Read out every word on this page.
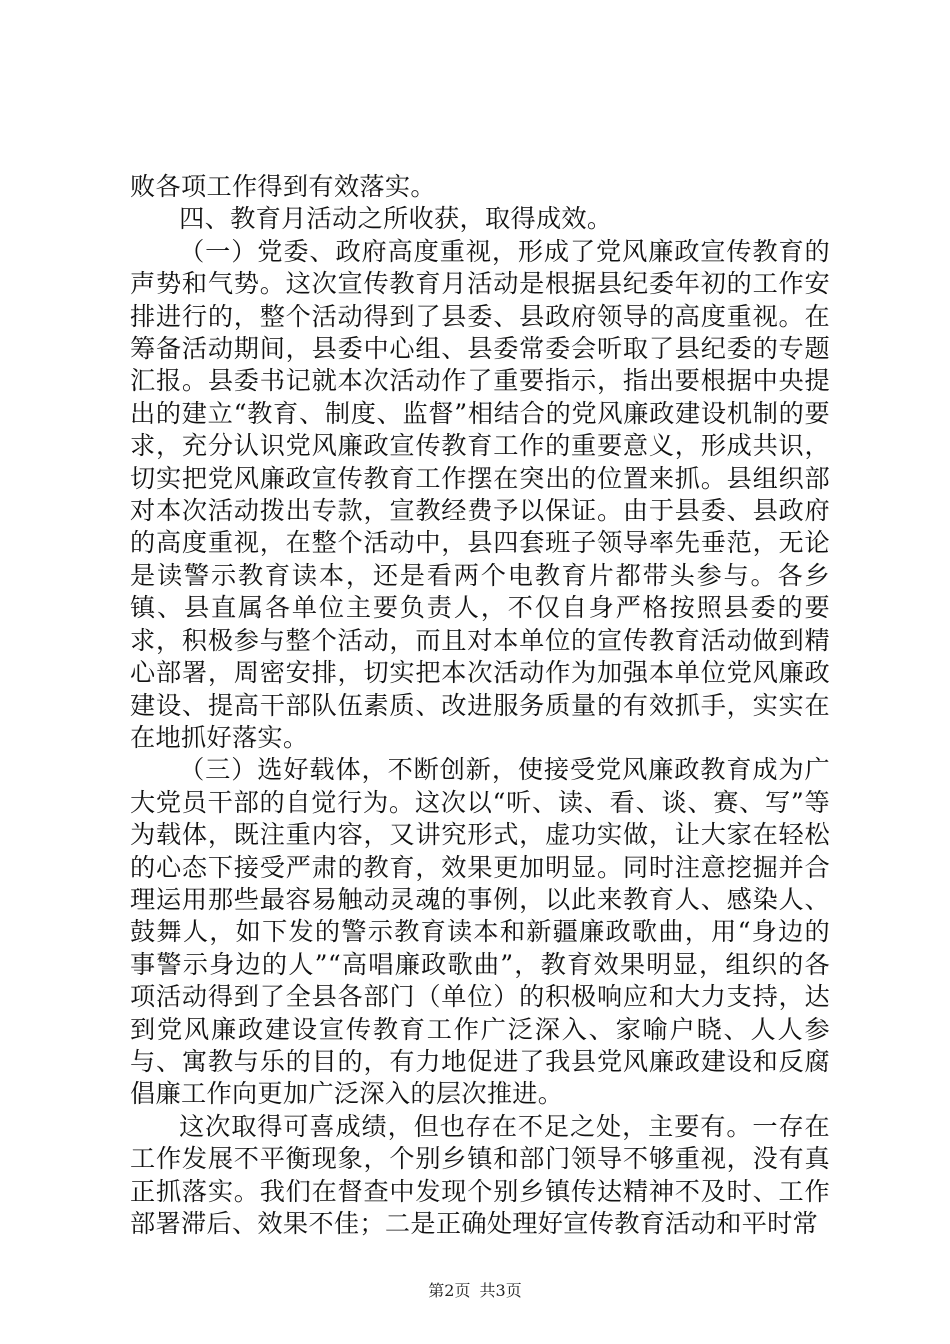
败各项工作得到有效落实。

四、教育月活动之所收获，取得成效。

（一）党委、政府高度重视，形成了党风廉政宣传教育的声势和气势。这次宣传教育月活动是根据县纪委年初的工作安排进行的，整个活动得到了县委、县政府领导的高度重视。在筹备活动期间，县委中心组、县委常委会听取了县纪委的专题汇报。县委书记就本次活动作了重要指示，指出要根据中央提出的建立“教育、制度、监督”相结合的党风廉政建设机制的要求，充分认识党风廉政宣传教育工作的重要意义，形成共识，切实把党风廉政宣传教育工作摆在突出的位置来抓。县组织部对本次活动拨出专款，宣教经费予以保证。由于县委、县政府的高度重视，在整个活动中，县四套班子领导率先垂范，无论是读警示教育读本，还是看两个电教育片都带头参与。各乡镇、县直属各单位主要负责人，不仅自身严格按照县委的要求，积极参与整个活动，而且对本单位的宣传教育活动做到精心部署，周密安排，切实把本次活动作为加强本单位党风廉政建设、提高干部队伍素质、改进服务质量的有效抓手，实实在在地抓好落实。

（三）选好载体，不断创新，使接受党风廉政教育成为广大党员干部的自觉行为。这次以“听、读、看、谈、赛、写”等为载体，既注重内容，又讲究形式，虚功实做，让大家在轻松的心态下接受严肃的教育，效果更加明显。同时注意挖掘并合理运用那些最容易触动灵魂的事例，以此来教育人、感染人、鼓舞人，如下发的警示教育读本和新疆廉政歌曲，用“身边的事警示身边的人”“高唱廉政歌曲”，教育效果明显，组织的各项活动得到了全县各部门（单位）的积极响应和大力支持，达到党风廉政建设宣传教育工作广泛深入、家喻户晓、人人参与、寓教与乐的目的，有力地促进了我县党风廉政建设和反腐倡廉工作向更加广泛深入的层次推进。

这次取得可喜成绩，但也存在不足之处，主要有。一存在工作发展不平衡现象，个别乡镇和部门领导不够重视，没有真正抓落实。我们在督查中发现个别乡镇传达精神不及时、工作部署滞后、效果不佳；二是正确处理好宣传教育活动和平时常

第2页 共3页
